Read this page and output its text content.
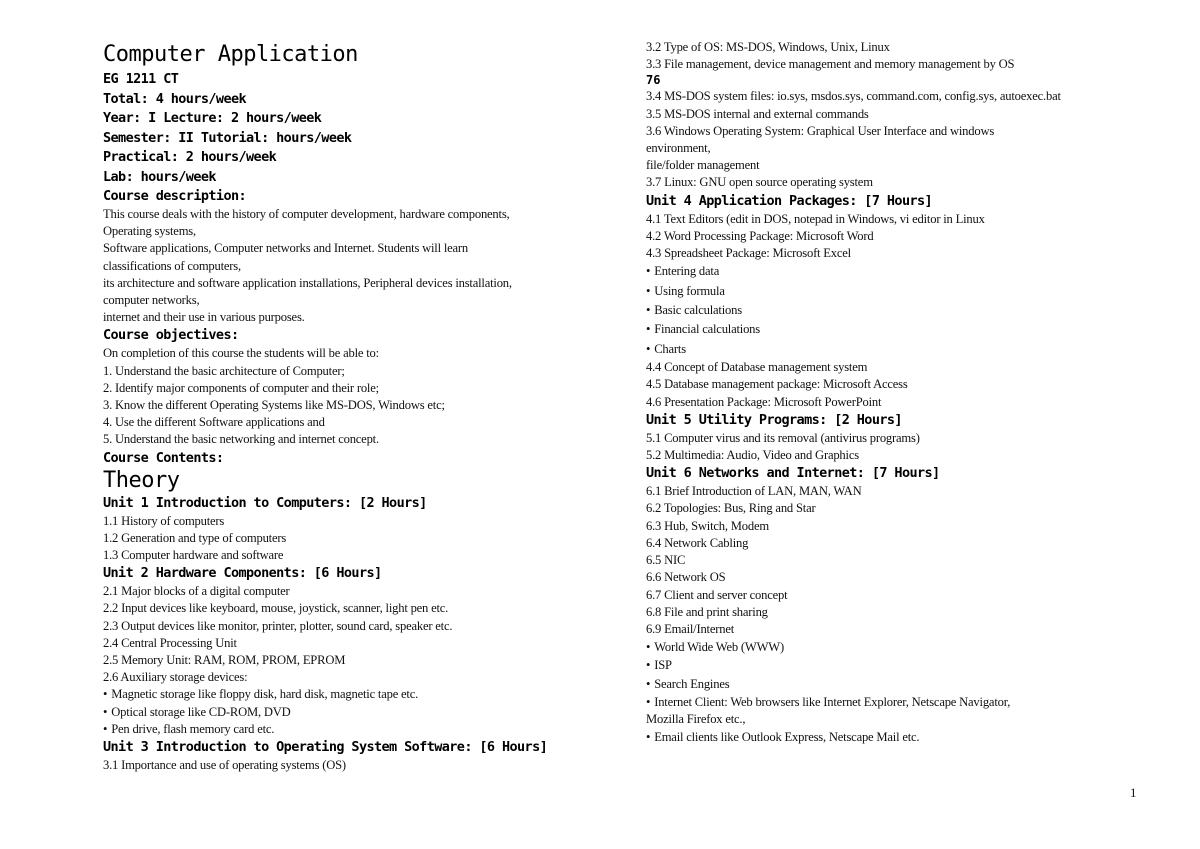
Computer Application

EG 1211 CT

Total: 4 hours/week

Year: I Lecture: 2 hours/week

Semester: II Tutorial: hours/week

Practical: 2 hours/week

Lab: hours/week

Course description:

This course deals with the history of computer development, hardware components,

Operating systems,

Software applications, Computer networks and Internet. Students will learn

classifications of computers,

its architecture and software application installations, Peripheral devices installation,

computer networks,

internet and their use in various purposes.

Course objectives:

On completion of this course the students will be able to:

1. Understand the basic architecture of Computer;

2. Identify major components of computer and their role;

3. Know the different Operating Systems like MS-DOS, Windows etc;

4. Use the different Software applications and

5. Understand the basic networking and internet concept.

Course Contents:

Theory

Unit 1 Introduction to Computers: [2 Hours]

1.1 History of computers

1.2 Generation and type of computers

1.3 Computer hardware and software

Unit 2 Hardware Components: [6 Hours]

2.1 Major blocks of a digital computer

2.2 Input devices like keyboard, mouse, joystick, scanner, light pen etc.

2.3 Output devices like monitor, printer, plotter, sound card, speaker etc.

2.4 Central Processing Unit

2.5 Memory Unit: RAM, ROM, PROM, EPROM

2.6 Auxiliary storage devices:

• Magnetic storage like floppy disk, hard disk, magnetic tape etc.

• Optical storage like CD-ROM, DVD

• Pen drive, flash memory card etc.

Unit 3 Introduction to Operating System Software: [6 Hours]

3.1 Importance and use of operating systems (OS)

3.2 Type of OS: MS-DOS, Windows, Unix, Linux

3.3 File management, device management and memory management by OS

76

3.4 MS-DOS system files: io.sys, msdos.sys, command.com, config.sys, autoexec.bat

3.5 MS-DOS internal and external commands

3.6 Windows Operating System: Graphical User Interface and windows

environment,

file/folder management

3.7 Linux: GNU open source operating system

Unit 4 Application Packages: [7 Hours]

4.1 Text Editors (edit in DOS, notepad in Windows, vi editor in Linux

4.2 Word Processing Package: Microsoft Word

4.3 Spreadsheet Package: Microsoft Excel

• Entering data

• Using formula

• Basic calculations

• Financial calculations

• Charts

4.4 Concept of Database management system

4.5 Database management package: Microsoft Access

4.6 Presentation Package: Microsoft PowerPoint

Unit 5 Utility Programs: [2 Hours]

5.1 Computer virus and its removal (antivirus programs)

5.2 Multimedia: Audio, Video and Graphics

Unit 6 Networks and Internet: [7 Hours]

6.1 Brief Introduction of LAN, MAN, WAN

6.2 Topologies: Bus, Ring and Star

6.3 Hub, Switch, Modem

6.4 Network Cabling

6.5 NIC

6.6 Network OS

6.7 Client and server concept

6.8 File and print sharing

6.9 Email/Internet

• World Wide Web (WWW)

• ISP

• Search Engines

• Internet Client: Web browsers like Internet Explorer, Netscape Navigator,

Mozilla Firefox etc.,

• Email clients like Outlook Express, Netscape Mail etc.

1
